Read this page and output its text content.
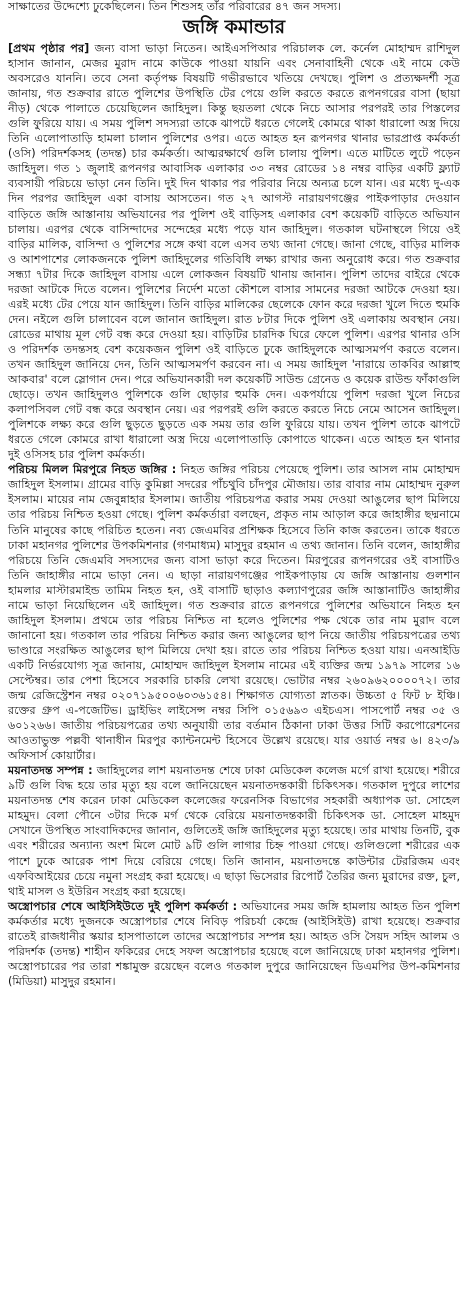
সাক্ষাতের উদ্দেশ্যে ঢুকেছিলেন। তিন শিশুসহ তাঁর পরিবারের ৪৭ জন সদস্য।
জঙ্গি কমান্ডার

[প্রথম পৃষ্ঠার পর] জন্য বাসা ভাড়া নিতেন। আইএসপিআর পরিচালক লে. কর্নেল মোহাম্মদ রাশিদুল হাসান জানান, মেজর মুরাদ নামে কাউকে পাওয়া যায়নি এবং সেনাবাহিনী থেকে এই নামে কেউ অবসরেও যাননি। তবে সেনা কর্তৃপক্ষ বিষয়টি গভীরভাবে খতিয়ে দেখছে। পুলিশ ও প্রত্যক্ষদর্শী সূত্র জানায়, গত শুক্রবার রাতে পুলিশের উপস্থিতি টের পেয়ে গুলি করতে করতে রূপনগরের বাসা (ছায়া নীড়) থেকে পালাতে চেয়েছিলেন জাহিদুল। কিন্তু ছয়তলা থেকে নিচে আসার পরপরই তার পিস্তলের গুলি ফুরিয়ে যায়। এ সময় পুলিশ সদস্যরা তাকে ঝাপটে ধরতে গেলেই কোমরে থাকা ধারালো অস্ত্র দিয়ে তিনি এলোপাতাড়ি হামলা চালান পুলিশের ওপর। এতে আহত হন রূপনগর থানার ভারপ্রাপ্ত কর্মকর্তা (ওসি) পরিদর্শকসহ (তদন্ত) চার কর্মকর্তা। আত্মরক্ষার্থে গুলি চালায় পুলিশ। এতে মাটিতে লুটে পড়েন জাহিদুল। গত ১ জুলাই রূপনগর আবাসিক এলাকার ৩৩ নম্বর রোডের ১৪ নম্বর বাড়ির একটি ফ্ল্যাট ব্যবসায়ী পরিচয়ে ভাড়া নেন তিনি। দুই দিন থাকার পর পরিবার নিয়ে অন্যত্র চলে যান। এর মধ্যে দু-এক দিন পরপর জাহিদুল একা বাসায় আসতেন। গত ২৭ আগস্ট নারায়ণগঞ্জের পাইকপাড়ার দেওয়ান বাড়িতে জঙ্গি আস্তানায় অভিযানের পর পুলিশ ওই বাড়িসহ এলাকার বেশ কয়েকটি বাড়িতে অভিযান চালায়। এরপর থেকে বাসিন্দাদের সন্দেহের মধ্যে পড়ে যান জাহিদুল। গতকাল ঘটনাস্থলে গিয়ে ওই বাড়ির মালিক, বাসিন্দা ও পুলিশের সঙ্গে কথা বলে এসব তথ্য জানা গেছে। জানা গেছে, বাড়ির মালিক ও আশপাশের লোকজনকে পুলিশ জাহিদুলের গতিবিধি লক্ষ্য রাখার জন্য অনুরোধ করে। গত শুক্রবার সন্ধ্যা ৭টার দিকে জাহিদুল বাসায় এলে লোকজন বিষয়টি থানায় জানান। পুলিশ তাদের বাইরে থেকে দরজা আটকে দিতে বলেন। পুলিশের নির্দেশ মতো কৌশলে বাসার সামনের দরজা আটকে দেওয়া হয়। এরই মধ্যে টের পেয়ে যান জাহিদুল। তিনি বাড়ির মালিকের ছেলেকে ফোন করে দরজা খুলে দিতে হুমকি দেন। নইলে গুলি চালাবেন বলে জানান জাহিদুল। রাত ৮টার দিকে পুলিশ ওই এলাকায় অবস্থান নেয়। রোডের মাথায় মূল গেট বন্ধ করে দেওয়া হয়। বাড়িটির চারদিক ঘিরে ফেলে পুলিশ। এরপর থানার ওসি ও পরিদর্শক তদন্তসহ বেশ কয়েকজন পুলিশ ওই বাড়িতে ঢুকে জাহিদুলকে আত্মসমর্পণ করতে বলেন। তখন জাহিদুল জানিয়ে দেন, তিনি আত্মসমর্পণ করবেন না। এ সময় জাহিদুল 'নারায়ে তাকবির আল্লাহু আকবার' বলে স্লোগান দেন। পরে অভিযানকারী দল কয়েকটি সাউন্ড গ্রেনেড ও কয়েক রাউন্ড ফাঁকাগুলি ছোড়ে। তখন জাহিদুলও পুলিশকে গুলি ছোড়ার হুমকি দেন। একপর্যায়ে পুলিশ দরজা খুলে নিচের কলাপসিবল গেট বন্ধ করে অবস্থান নেয়। এর পরপরই গুলি করতে করতে নিচে নেমে আসেন জাহিদুল। পুলিশকে লক্ষ্য করে গুলি ছুড়তে ছুড়তে এক সময় তার গুলি ফুরিয়ে যায়। তখন পুলিশ তাকে ঝাপটে ধরতে গেলে কোমরে রাখা ধারালো অস্ত্র দিয়ে এলোপাতাড়ি কোপাতে থাকেন। এতে আহত হন থানার দুই ওসিসহ চার পুলিশ কর্মকর্তা।

পরিচয় মিলল মিরপুরে নিহত জঙ্গির : নিহত জঙ্গির পরিচয় পেয়েছে পুলিশ। তার আসল নাম মোহাম্মদ জাহিদুল ইসলাম। গ্রামের বাড়ি কুমিল্লা সদরের পাঁচথুবি চাঁদপুর মৌজায়। তার বাবার নাম মোহাম্মদ নুরুল ইসলাম। মায়ের নাম জেবুন্নাহার ইসলাম। জাতীয় পরিচয়পত্র করার সময় দেওয়া আঙুলের ছাপ মিলিয়ে তার পরিচয় নিশ্চিত হওয়া গেছে। পুলিশ কর্মকর্তারা বলছেন, প্রকৃত নাম আড়াল করে জাহাঙ্গীর ছদ্মনামে তিনি মানুষের কাছে পরিচিত হতেন। নব্য জেএমবির প্রশিক্ষক হিসেবে তিনি কাজ করতেন। তাকে ধরতে ঢাকা মহানগর পুলিশের উপকমিশনার (গণমাধ্যম) মাসুদুর রহমান এ তথ্য জানান। তিনি বলেন, জাহাঙ্গীর পরিচয়ে তিনি জেএমবি সদস্যদের জন্য বাসা ভাড়া করে দিতেন। মিরপুরের রূপনগরের ওই বাসাটিও তিনি জাহাঙ্গীর নামে ভাড়া নেন। এ ছাড়া নারায়ণগঞ্জের পাইকপাড়ায় যে জঙ্গি আস্তানায় গুলশান হামলার মাস্টারমাইন্ড তামিম নিহত হন, ওই বাসাটি ছাড়াও কল্যাণপুরের জঙ্গি আস্তানাটিও জাহাঙ্গীর নামে ভাড়া নিয়েছিলেন এই জাহিদুল। গত শুক্রবার রাতে রূপনগরে পুলিশের অভিযানে নিহত হন জাহিদুল ইসলাম। প্রথমে তার পরিচয় নিশ্চিত না হলেও পুলিশের পক্ষ থেকে তার নাম মুরাদ বলে জানানো হয়। গতকাল তার পরিচয় নিশ্চিত করার জন্য আঙুলের ছাপ নিয়ে জাতীয় পরিচয়পত্রের তথ্য ভাণ্ডারে সংরক্ষিত আঙুলের ছাপ মিলিয়ে দেখা হয়। রাতে তার পরিচয় নিশ্চিত হওয়া যায়। এনআইডি একটি নির্ভরযোগ্য সূত্র জানায়, মোহাম্মদ জাহিদুল ইসলাম নামের এই ব্যক্তির জন্ম ১৯৭৯ সালের ১৬ সেপ্টেম্বর। তার পেশা হিসেবে সরকারি চাকরি লেখা রয়েছে। ভোটার নম্বর ২৬০৯৬২০০০০৭২। তার জন্ম রেজিস্ট্রেশন নম্বর ০২০৭১৯৫০০৬০৩৬১৫৪। শিক্ষাগত যোগ্যতা স্নাতক। উচ্চতা ৫ ফিট ৮ ইঞ্চি। রক্তের গ্রুপ এ-পজেটিভ। ড্রাইভিং লাইসেন্স নম্বর সিপি ০১৫৬৯৩ এইচএস। পাসপোর্ট নম্বর ৩৫ ও ৬০১২৬৬। জাতীয় পরিচয়পত্রের তথ্য অনুযায়ী তার বর্তমান ঠিকানা ঢাকা উত্তর সিটি করপোরেশনের আওতাভুক্ত পল্লবী থানাধীন মিরপুর ক্যান্টনমেন্ট হিসেবে উল্লেখ রয়েছে। যার ওয়ার্ড নম্বর ৬। ৪২৩/৯ অফিসার্স কোয়ার্টার।

ময়নাতদন্ত সম্পন্ন : জাহিদুলের লাশ ময়নাতদন্ত শেষে ঢাকা মেডিকেল কলেজ মর্গে রাখা হয়েছে। শরীরে ৯টি গুলি বিদ্ধ হয়ে তার মৃত্যু হয় বলে জানিয়েছেন ময়নাতদন্তকারী চিকিৎসক। গতকাল দুপুরে লাশের ময়নাতদন্ত শেষ করেন ঢাকা মেডিকেল কলেজের ফরেনসিক বিভাগের সহকারী অধ্যাপক ডা. সোহেল মাহমুদ। বেলা পৌনে ৩টার দিকে মর্গ থেকে বেরিয়ে ময়নাতদন্তকারী চিকিৎসক ডা. সোহেল মাহমুদ সেখানে উপস্থিত সাংবাদিকদের জানান, গুলিতেই জঙ্গি জাহিদুলের মৃত্যু হয়েছে। তার মাথায় তিনটি, বুক এবং শরীরের অন্যান্য অংশ মিলে মোট ৯টি গুলি লাগার চিহ্ন পাওয়া গেছে। গুলিগুলো শরীরের এক পাশে ঢুকে আরেক পাশ দিয়ে বেরিয়ে গেছে। তিনি জানান, ময়নাতদন্তে কাউন্টার টেররিজম এবং এফবিআইয়ের চেয়ে নমুনা সংগ্রহ করা হয়েছে। এ ছাড়া ভিসেরার রিপোর্ট তৈরির জন্য মুরাদের রক্ত, চুল, থাই মাসল ও ইউরিন সংগ্রহ করা হয়েছে।

অস্ত্রোপচার শেষে আইসিইউতে দুই পুলিশ কর্মকর্তা : অভিযানের সময় জঙ্গি হামলায় আহত তিন পুলিশ কর্মকর্তার মধ্যে দুজনকে অস্ত্রোপচার শেষে নিবিড় পরিচর্যা কেন্দ্রে (আইসিইউ) রাখা হয়েছে। শুক্রবার রাতেই রাজধানীর স্কয়ার হাসপাতালে তাদের অস্ত্রোপচার সম্পন্ন হয়। আহত ওসি সৈয়দ সহিদ আলম ও পরিদর্শক (তদন্ত) শাহীন ফকিরের দেহে সফল অস্ত্রোপচার হয়েছে বলে জানিয়েছে ঢাকা মহানগর পুলিশ। অস্ত্রোপচারের পর তারা শঙ্কামুক্ত রয়েছেন বলেও গতকাল দুপুরে জানিয়েছেন ডিএমপির উপ-কমিশনার (মিডিয়া) মাসুদুর রহমান।
